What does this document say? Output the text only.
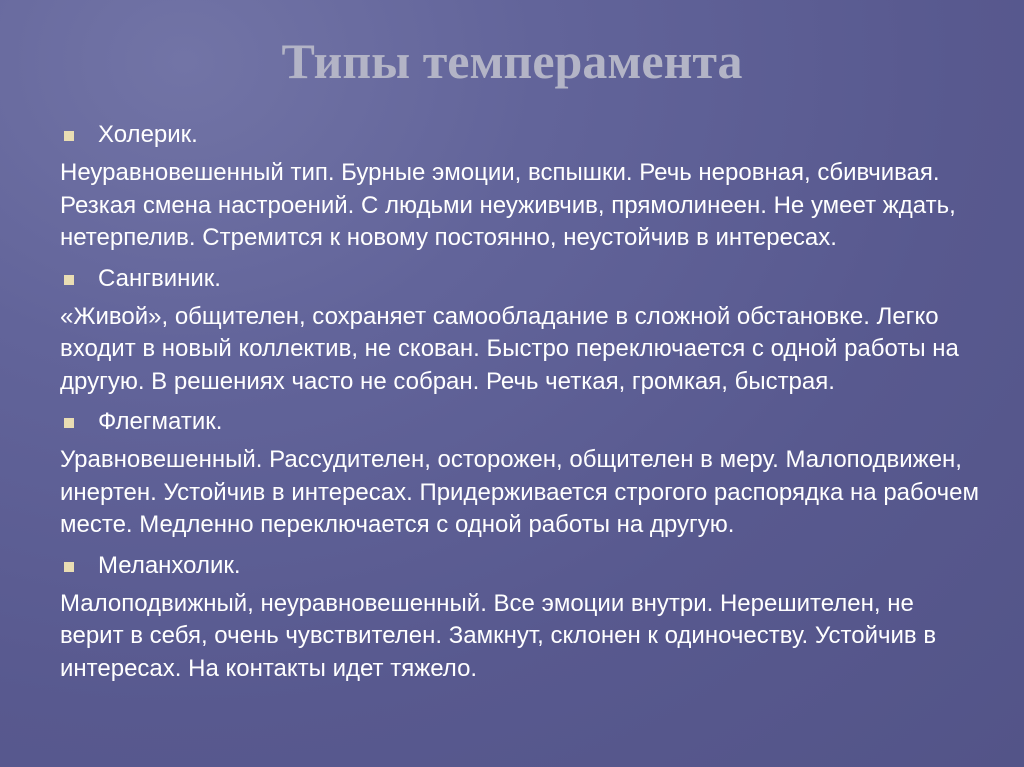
Типы темперамента
Холерик.

Неуравновешенный тип. Бурные эмоции, вспышки. Речь неровная, сбивчивая. Резкая смена настроений. С людьми неуживчив, прямолинеен. Не умеет ждать, нетерпелив. Стремится к новому постоянно, неустойчив в интересах.

Сангвиник.

«Живой», общителен, сохраняет самообладание в сложной обстановке. Легко входит в новый коллектив, не скован. Быстро переключается с одной работы на другую. В решениях часто не собран. Речь четкая, громкая, быстрая.

Флегматик.

Уравновешенный. Рассудителен, осторожен, общителен в меру. Малоподвижен, инертен. Устойчив в интересах. Придерживается строгого распорядка на рабочем месте. Медленно переключается с одной работы на другую.

Меланхолик.

Малоподвижный, неуравновешенный. Все эмоции внутри. Нерешителен, не верит в себя, очень чувствителен. Замкнут, склонен к одиночеству. Устойчив в интересах. На контакты идет тяжело.
